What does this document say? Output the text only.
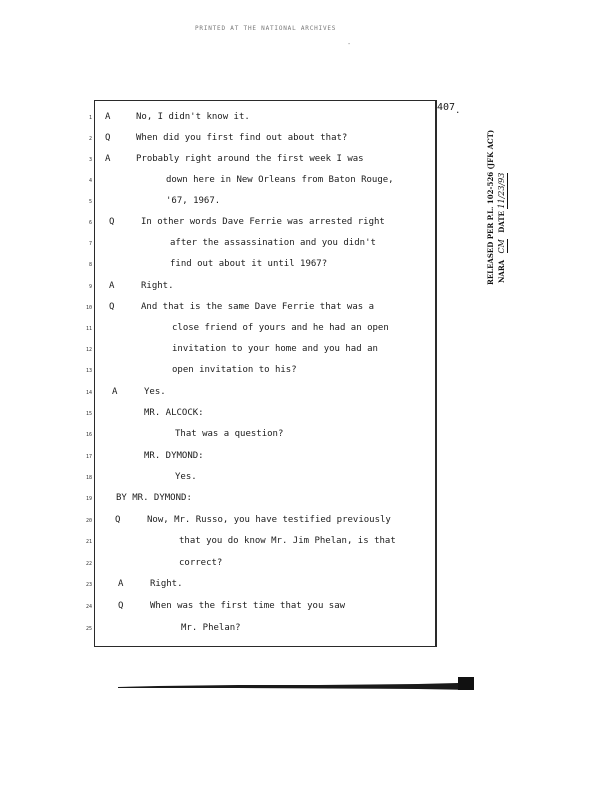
PRINTED AT THE NATIONAL ARCHIVES
-
407 .
1 A	No, I didn't know it.
2 Q	When did you first find out about that?
3 A	Probably right around the first week I was
4	down here in New Orleans from Baton Rouge,
5	'67, 1967.
6 Q	In other words Dave Ferrie was arrested right
7	after the assassination and you didn't
8	find out about it until 1967?
9 A	Right.
10 Q	And that is the same Dave Ferrie that was a
11	close friend of yours and he had an open
12	invitation to your home and you had an
13	open invitation to his?
14 A	Yes.
15	MR. ALCOCK:
16	That was a question?
17	MR. DYMOND:
18	Yes.
19	BY MR. DYMOND:
20	Q	Now, Mr. Russo, you have testified previously
21	that you do know Mr. Jim Phelan, is that
22	correct?
23	A	Right.
24	Q	When was the first time that you saw
25	Mr. Phelan?
RELEASED PER P.L. 102-526 (JFK ACT) NARA CM DATE 11/23/93
